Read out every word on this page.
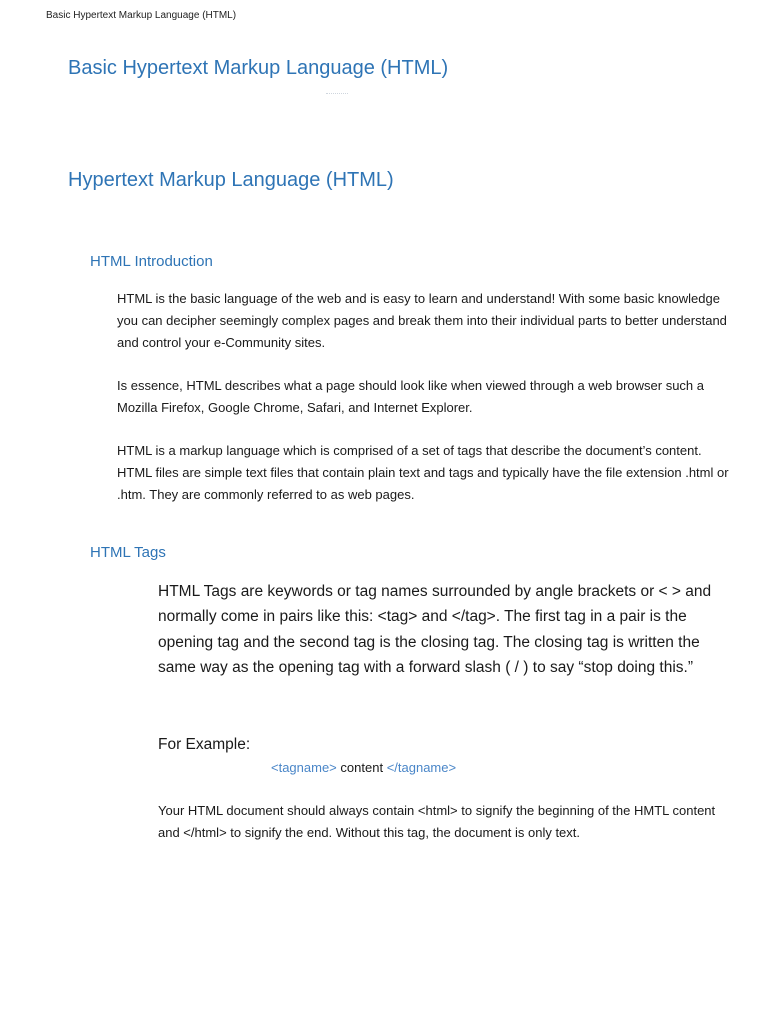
Basic Hypertext Markup Language (HTML)
Basic Hypertext Markup Language (HTML)
Hypertext Markup Language (HTML)
HTML Introduction
HTML is the basic language of the web and is easy to learn and understand! With some basic knowledge you can decipher seemingly complex pages and break them into their individual parts to better understand and control your e-Community sites.
Is essence, HTML describes what a page should look like when viewed through a web browser such a Mozilla Firefox, Google Chrome, Safari, and Internet Explorer.
HTML is a markup language which is comprised of a set of tags that describe the document’s content. HTML files are simple text files that contain plain text and tags and typically have the file extension .html or .htm. They are commonly referred to as web pages.
HTML Tags
HTML Tags are keywords or tag names surrounded by angle brackets or < > and normally come in pairs like this: <tag> and </tag>. The first tag in a pair is the opening tag and the second tag is the closing tag. The closing tag is written the same way as the opening tag with a forward slash ( / ) to say “stop doing this.”
For Example:
<tagname> content </tagname>
Your HTML document should always contain <html> to signify the beginning of the HMTL content and </html> to signify the end. Without this tag, the document is only text.
